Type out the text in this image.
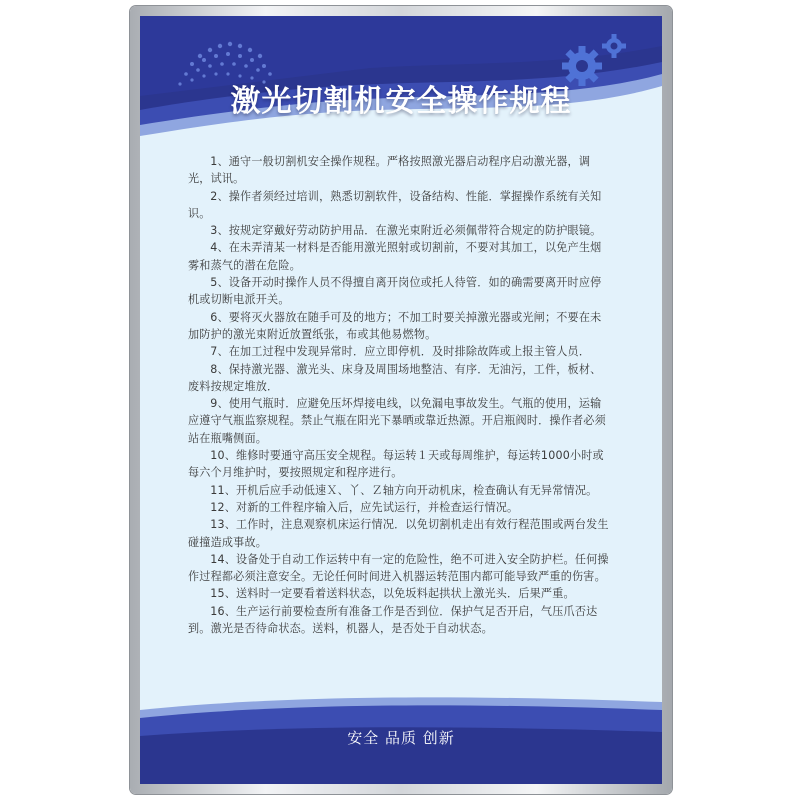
激光切割机安全操作规程

1、通守一般切割机安全操作规程。严格按照激光器启动程序启动激光器，调光，试讯。

2、操作者须经过培训，熟悉切割软件，设备结构、性能．掌握操作系统有关知识。

3、按规定穿戴好劳动防护用品．在激光束附近必须佩带符合规定的防护眼镜。

4、在未弄清某一材料是否能用激光照射或切割前，不要对其加工，以免产生烟雾和蒸气的潜在危险。

5、设备开动时操作人员不得擅自离开岗位或托人待管．如的确需要离开时应停机或切断电派开关。

6、要将灭火器放在随手可及的地方；不加工时要关掉激光器或光闸；不要在未加防护的激光束附近放置纸张，布或其他易燃物。

7、在加工过程中发现异常时．应立即停机．及时排除故阵或上报主管人员．

8、保持激光器、激光头、床身及周围场地整洁、有序．无油污，工件，板材、废料按规定堆放．

9、使用气瓶时．应避免压坏焊接电线，以免漏电事故发生。气瓶的使用，运输应遵守气瓶监察规程。禁止气瓶在阳光下暴晒或靠近热源。开启瓶阀时．操作者必须站在瓶嘴侧面。

10、维修时要通守高压安全规程。每运转１天或每周维护，每运转1000小时或每六个月维护时，要按照规定和程序进行。

11、开机后应手动低速Ｘ、丫、Ｚ轴方向开动机床，检查确认有无异常情况。

12、对新的工件程序输入后，应先试运行，并检查运行情况。

13、工作时，注息观察机床运行情况．以免切割机走出有效行程范围或两台发生碰撞造成事故。

14、设备处于自动工作运转中有一定的危险性，绝不可进入安全防护栏。任何操作过程都必须注意安全。无论任何时间进入机器运转范围内都可能导致严重的伤害。

15、送料时一定要看着送料状态，以免坂料起拱状上激光头．后果严重。

16、生产运行前要检查所有准备工作是否到位．保护气足否开启，气压爪否达到。激光是否待命状态。送料，机器人，是否处于自动状态。

安全 品质 创新
